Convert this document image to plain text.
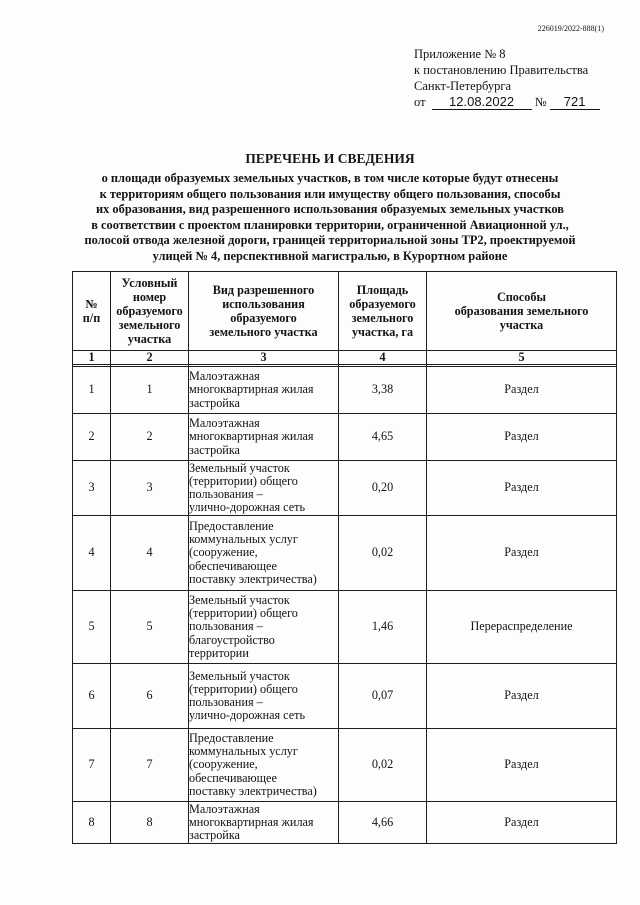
226019/2022-888(1)
Приложение № 8
к постановлению Правительства
Санкт-Петербурга
от 12.08.2022 № 721
ПЕРЕЧЕНЬ И СВЕДЕНИЯ
о площади образуемых земельных участков, в том числе которые будут отнесены
к территориям общего пользования или имуществу общего пользования, способы
их образования, вид разрешенного использования образуемых земельных участков
в соответствии с проектом планировки территории, ограниченной Авиационной ул.,
полосой отвода железной дороги, границей территориальной зоны ТР2, проектируемой
улицей № 4, перспективной магистралью, в Курортном районе
№
п/п	Условный
номер
образуемого
земельного
участка	Вид разрешенного
использования
образуемого
земельного участка	Площадь
образуемого
земельного
участка, га	Способы
образования земельного
участка
1	2	3	4	5

1	1	Малоэтажная
многоквартирная жилая
застройка	3,38	Раздел
2	2	Малоэтажная
многоквартирная жилая
застройка	4,65	Раздел
3	3	Земельный участок
(территории) общего
пользования –
улично-дорожная сеть	0,20	Раздел
4	4	Предоставление
коммунальных услуг
(сооружение,
обеспечивающее
поставку электричества)	0,02	Раздел
5	5	Земельный участок
(территории) общего
пользования –
благоустройство
территории	1,46	Перераспределение
6	6	Земельный участок
(территории) общего
пользования –
улично-дорожная сеть	0,07	Раздел
7	7	Предоставление
коммунальных услуг
(сооружение,
обеспечивающее
поставку электричества)	0,02	Раздел
8	8	Малоэтажная
многоквартирная жилая
застройка	4,66	Раздел
